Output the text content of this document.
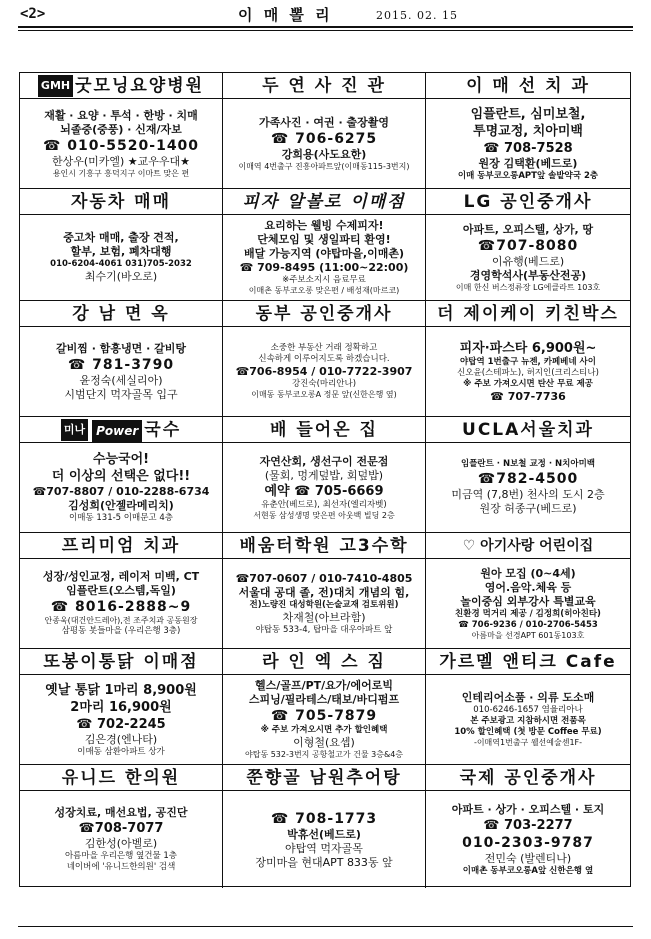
<2>	이 매 뽈 리	2015. 02. 15
GMH 굿모닝요양병원
재활 · 요양 · 투석 · 한방 · 치매
뇌졸중(중풍) · 신재/자보
☎ 010-5520-1400
한상우(미카엘) ★교우우대★
용인시 기흥구 흥덕지구 이마트 맞은 편
두 연 사 진 관
가족사진 · 여권 · 출장촬영
☎ 706-6275
강희용(사도요한)
이매역 4번출구 진흥아파트앞(이매동115-3번지)
이 매 선 치 과
임플란트, 심미보철,
투명교정, 치아미백
☎ 708-7528
원장 김택환(베드로)
이매 동부코오롱APT앞 솔밭약국 2층
자동차 매매
중고차 매매, 출장 견적,
할부, 보험, 폐차대행
010-6204-4061 031)705-2032
최수기(바오로)
피자 알볼로 이매점
요리하는 웰빙 수제피자!
단체모임 및 생일파티 환영!
배달 가능지역 (야탑마을,이매촌)
☎ 709-8495 (11:00~22:00)
※주보소지시 음료무료
이매촌 동부코오롱 맞은편 / 배성재(마르코)
LG 공인중개사
아파트, 오피스텔, 상가, 땅
☎707-8080
이유행(베드로)
경영학석사(부동산전공)
이매 한신 버스정류장 LG에클라트 103호
강 남 면 옥
갈비찜 · 함흥냉면 · 갈비탕
☎ 781-3790
윤정숙(세실리아)
시범단지 먹자골목 입구
동부 공인중개사
소중한 부동산 거래 정확하고
신속하게 이루어지도록 하겠습니다.
☎706-8954 / 010-7722-3907
강진숙(마리안나)
이매동 동부코오롱A 정문 앞(신한은행 옆)
더 제이케이 키친박스
피자·파스타 6,900원~
야탑역 1번출구 뉴젠, 카페베네 사이
신오윤(스테파노), 허지인(크리스티나)
※ 주보 가져오시면 탄산 무료 제공
☎ 707-7736
미나 Power 국수
수능국어!
더 이상의 선택은 없다!!
☎707-8807 / 010-2288-6734
김성희(안젤라메리치)
이매동 131-5 이매문고 4층
배 들어온 집
자연산회, 생선구이 전문점
(물회, 멍게덮밥, 회덮밥)
예약 ☎ 705-6669
유춘안(베드로), 최선자(엘리자벳)
서현동 삼성생명 맞은편 아웃백 빌딩 2층
UCLA서울치과
임플란트 · N보철 교정 · N치아미백
☎782-4500
미금역 (7,8번) 천사의 도시 2층
원장 허종구(베드로)
프리미엄 치과
성장/성인교정, 레이저 미백, CT
임플란트(오스템,독일)
☎ 8016-2888~9
안종욱(대건안드레아),전 조주치과 공동원장
삼평동 봇들마을 (우리은행 3층)
배움터학원 고3수학
☎707-0607 / 010-7410-4805
서울대 공대 졸, 전)대치 개념의 힘,
전)노량진 대성학원(논술교재 검토위원)
차재철(아브라함)
야탑동 533-4, 탑마을 대우아파트 앞
♡ 아기사랑 어린이집
원아 모집 (0~4세)
영어.음악.체육 등
놀이중심 외부강사 특별교육
친환경 먹거리 제공 / 김정희(히아친타)
☎ 706-9236 / 010-2706-5453
아름마을 선경APT 601동103호
또봉이통닭 이매점
옛날 통닭 1마리 8,900원
2마리 16,900원
☎ 702-2245
김은경(엔나타)
이매동 삼환아파트 상가
라 인 엑 스 짐
헬스/골프/PT/요가/에어로빅
스피닝/필라테스/태보/바디펌프
☎ 705-7879
※ 주보 가져오시면 추가 할인혜택
이형철(요셉)
야탑동 532-3번지 공항철고가 건물 3층&4층
가르멜 앤티크 Cafe
인테리어소품 · 의류 도소매
010-6246-1657 염율리아나
본 주보광고 지참하시면 전품목
10% 할인혜택 (첫 방문 Coffee 무료)
-이매역1번출구 웰선예술센1F-
유니드 한의원
성장치료, 매선요법, 공진단
☎708-7077
김한성(아벨로)
아름마을 우리은행 옆건물 1층
네이버에 '유니드한의원' 검색
쭌향골 남원추어탕
☎ 708-1773
박휴선(베드로)
야탑역 먹자골목
장미마을 현대APT 833동 앞
국제 공인중개사
아파트 · 상가 · 오피스텔 · 토지
☎ 703-2277
010-2303-9787
전민숙 (발렌티나)
이매촌 동부코오롱A앞 신한은행 옆
